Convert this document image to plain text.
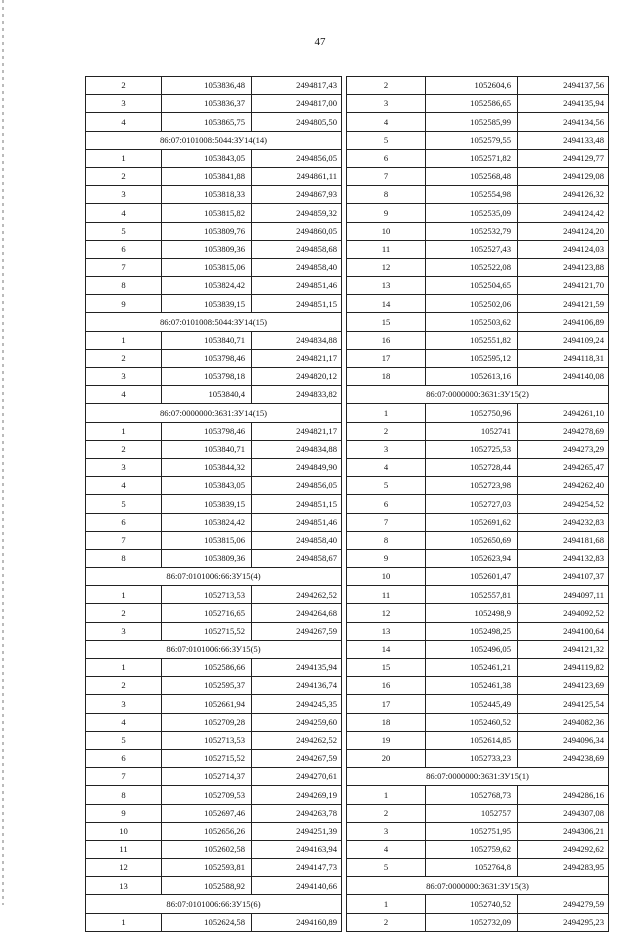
47
2	1053836,48	2494817,43
3	1053836,37	2494817,00
4	1053865,75	2494805,50
86:07:0101008:5044:ЗУ14(14)		
1	1053843,05	2494856,05
2	1053841,88	2494861,11
3	1053818,33	2494867,93
4	1053815,82	2494859,32
5	1053809,76	2494860,05
6	1053809,36	2494858,68
7	1053815,06	2494858,40
8	1053824,42	2494851,46
9	1053839,15	2494851,15
86:07:0101008:5044:ЗУ14(15)		
1	1053840,71	2494834,88
2	1053798,46	2494821,17
3	1053798,18	2494820,12
4	1053840,4	2494833,82
86:07:0000000:3631:ЗУ14(15)		
1	1053798,46	2494821,17
2	1053840,71	2494834,88
3	1053844,32	2494849,90
4	1053843,05	2494856,05
5	1053839,15	2494851,15
6	1053824,42	2494851,46
7	1053815,06	2494858,40
8	1053809,36	2494858,67
86:07:0101006:66:ЗУ15(4)		
1	1052713,53	2494262,52
2	1052716,65	2494264,68
3	1052715,52	2494267,59
86:07:0101006:66:ЗУ15(5)		
1	1052586,66	2494135,94
2	1052595,37	2494136,74
3	1052661,94	2494245,35
4	1052709,28	2494259,60
5	1052713,53	2494262,52
6	1052715,52	2494267,59
7	1052714,37	2494270,61
8	1052709,53	2494269,19
9	1052697,46	2494263,78
10	1052656,26	2494251,39
11	1052602,58	2494163,94
12	1052593,81	2494147,73
13	1052588,92	2494140,66
86:07:0101006:66:ЗУ15(6)		
1	1052624,58	2494160,89
2	1052604,6	2494137,56
3	1052586,65	2494135,94
4	1052585,99	2494134,56
5	1052579,55	2494133,48
6	1052571,82	2494129,77
7	1052568,48	2494129,08
8	1052554,98	2494126,32
9	1052535,09	2494124,42
10	1052532,79	2494124,20
11	1052527,43	2494124,03
12	1052522,08	2494123,88
13	1052504,65	2494121,70
14	1052502,06	2494121,59
15	1052503,62	2494106,89
16	1052551,82	2494109,24
17	1052595,12	2494118,31
18	1052613,16	2494140,08
86:07:0000000:3631:ЗУ15(2)		
1	1052750,96	2494261,10
2	1052741	2494278,69
3	1052725,53	2494273,29
4	1052728,44	2494265,47
5	1052723,98	2494262,40
6	1052727,03	2494254,52
7	1052691,62	2494232,83
8	1052650,69	2494181,68
9	1052623,94	2494132,83
10	1052601,47	2494107,37
11	1052557,81	2494097,11
12	1052498,9	2494092,52
13	1052498,25	2494100,64
14	1052496,05	2494121,32
15	1052461,21	2494119,82
16	1052461,38	2494123,69
17	1052445,49	2494125,54
18	1052460,52	2494082,36
19	1052614,85	2494096,34
20	1052733,23	2494238,69
86:07:0000000:3631:ЗУ15(1)		
1	1052768,73	2494286,16
2	1052757	2494307,08
3	1052751,95	2494306,21
4	1052759,62	2494292,62
5	1052764,8	2494283,95
86:07:0000000:3631:ЗУ15(3)		
1	1052740,52	2494279,59
2	1052732,09	2494295,23
